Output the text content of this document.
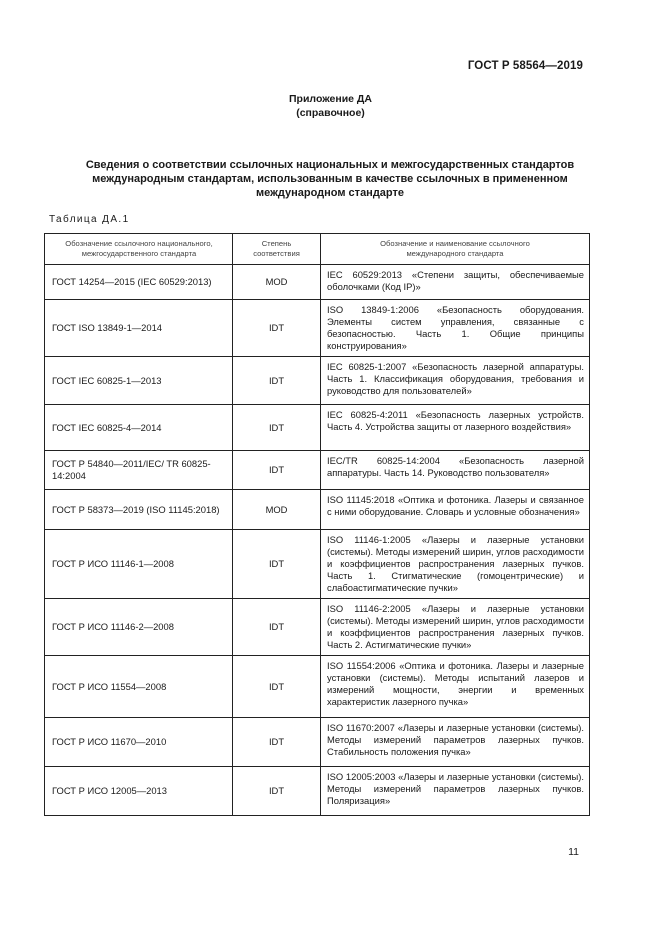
ГОСТ Р 58564—2019
Приложение ДА
(справочное)
Сведения о соответствии ссылочных национальных и межгосударственных стандартов
международным стандартам, использованным в качестве ссылочных в примененном
международном стандарте
Таблица ДА.1
Обозначение ссылочного национального, межгосударственного стандарта	Степень соответствия	Обозначение и наименование ссылочного международного стандарта

ГОСТ 14254—2015 (IEC 60529:2013)	MOD	IEC 60529:2013 «Степени защиты, обеспечиваемые оболочками (Код IP)»
ГОСТ ISO 13849-1—2014	IDT	ISO 13849-1:2006 «Безопасность оборудования. Элементы систем управления, связанные с безопасностью. Часть 1. Общие принципы конструирования»
ГОСТ IEC 60825-1—2013	IDT	IEC 60825-1:2007 «Безопасность лазерной аппаратуры. Часть 1. Классификация оборудования, требования и руководство для пользователей»
ГОСТ IEC 60825-4—2014	IDT	IEC 60825-4:2011 «Безопасность лазерных устройств. Часть 4. Устройства защиты от лазерного воздействия»
ГОСТ Р 54840—2011/IEC/ TR 60825-14:2004	IDT	IEC/TR 60825-14:2004 «Безопасность лазерной аппаратуры. Часть 14. Руководство пользователя»
ГОСТ Р 58373—2019 (ISO 11145:2018)	MOD	ISO 11145:2018 «Оптика и фотоника. Лазеры и связанное с ними оборудование. Словарь и условные обозначения»
ГОСТ Р ИСО 11146-1—2008	IDT	ISO 11146-1:2005 «Лазеры и лазерные установки (системы). Методы измерений ширин, углов расходимости и коэффициентов распространения лазерных пучков. Часть 1. Стигматические (гомоцентрические) и слабоастигматические пучки»
ГОСТ Р ИСО 11146-2—2008	IDT	ISO 11146-2:2005 «Лазеры и лазерные установки (системы). Методы измерений ширин, углов расходимости и коэффициентов распространения лазерных пучков. Часть 2. Астигматические пучки»
ГОСТ Р ИСО 11554—2008	IDT	ISO 11554:2006 «Оптика и фотоника. Лазеры и лазерные установки (системы). Методы испытаний лазеров и измерений мощности, энергии и временных характеристик лазерного пучка»
ГОСТ Р ИСО 11670—2010	IDT	ISO 11670:2007 «Лазеры и лазерные установки (системы). Методы измерений параметров лазерных пучков. Стабильность положения пучка»
ГОСТ Р ИСО 12005—2013	IDT	ISO 12005:2003 «Лазеры и лазерные установки (системы). Методы измерений параметров лазерных пучков. Поляризация»
11
